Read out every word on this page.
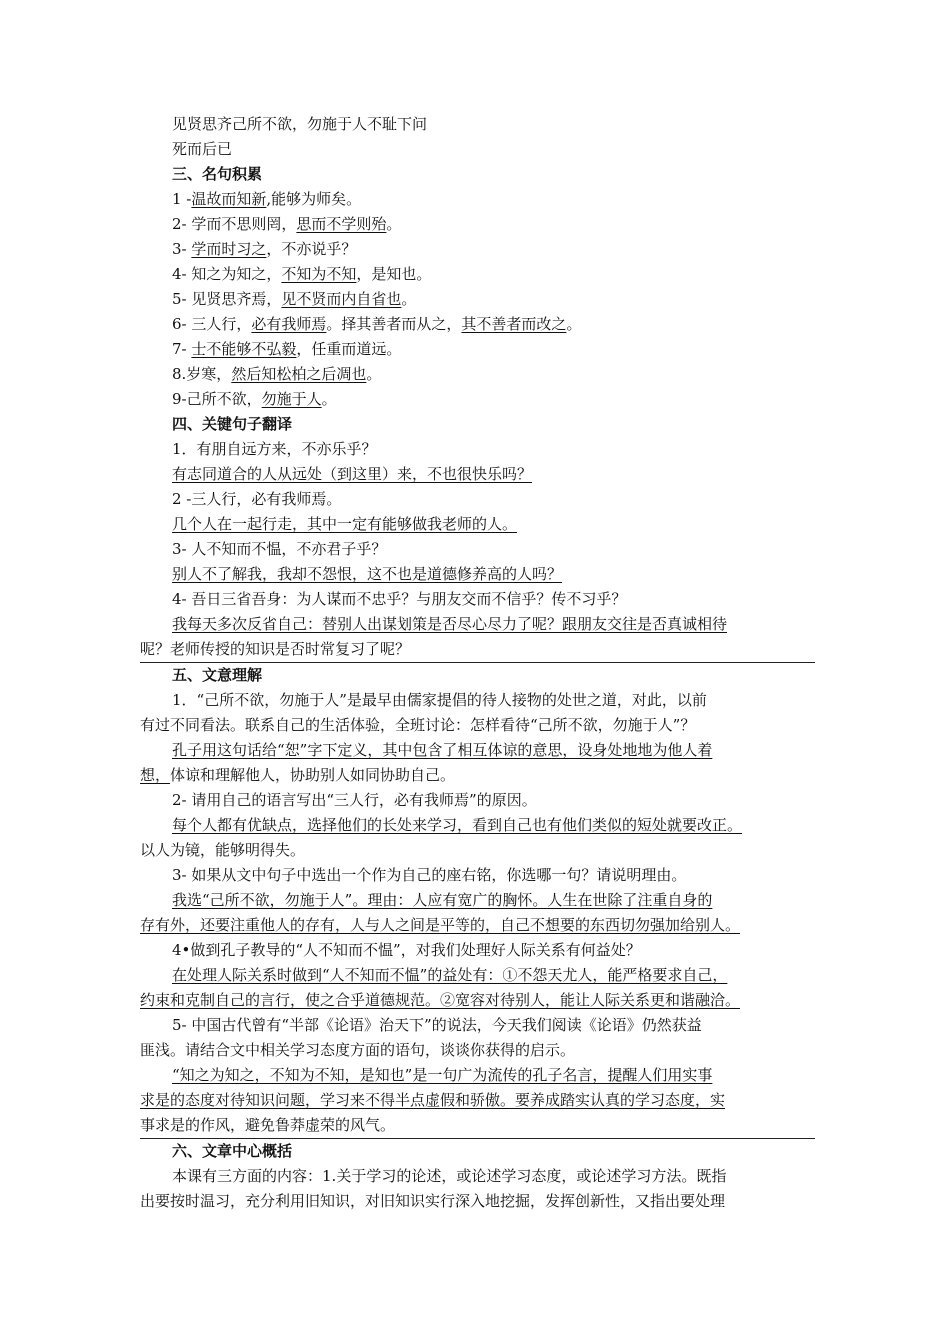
见贤思齐己所不欲，勿施于人不耻下问
死而后已
三、名句积累
1 -温故而知新,能够为师矣。
2- 学而不思则罔，思而不学则殆。
3- 学而时习之，不亦说乎？
4- 知之为知之，不知为不知，是知也。
5- 见贤思齐焉，见不贤而内自省也。
6- 三人行，必有我师焉。择其善者而从之，其不善者而改之。
7- 士不能够不弘毅，任重而道远。
8.岁寒，然后知松柏之后凋也。
9-己所不欲，勿施于人。
四、关键句子翻译
1．有朋自远方来，不亦乐乎？
有志同道合的人从远处（到这里）来，不也很快乐吗？
2 -三人行，必有我师焉。
几个人在一起行走，其中一定有能够做我老师的人。
3- 人不知而不愠，不亦君子乎？
别人不了解我，我却不怨恨，这不也是道德修养高的人吗？
4- 吾日三省吾身：为人谋而不忠乎？与朋友交而不信乎？传不习乎？
我每天多次反省自己：替别人出谋划策是否尽心尽力了呢？跟朋友交往是否真诚相待
呢？老师传授的知识是否时常复习了呢？
五、文意理解
1．“己所不欲，勿施于人”是最早由儒家提倡的待人接物的处世之道，对此，以前
有过不同看法。联系自己的生活体验，全班讨论：怎样看待“己所不欲，勿施于人”？
孔子用这句话给“恕”字下定义，其中包含了相互体谅的意思，设身处地地为他人着
想，体谅和理解他人，协助别人如同协助自己。
2- 请用自己的语言写出“三人行，必有我师焉”的原因。
每个人都有优缺点，选择他们的长处来学习，看到自己也有他们类似的短处就要改正。
以人为镜，能够明得失。
3- 如果从文中句子中选出一个作为自己的座右铭，你选哪一句？请说明理由。
我选“己所不欲，勿施于人”。理由：人应有宽广的胸怀。人生在世除了注重自身的
存有外，还要注重他人的存有，人与人之间是平等的，自己不想要的东西切勿强加给别人。
4•做到孔子教导的“人不知而不愠”，对我们处理好人际关系有何益处？
在处理人际关系时做到“人不知而不愠”的益处有：①不怨天尤人，能严格要求自己，
约束和克制自己的言行，使之合乎道德规范。②宽容对待别人，能让人际关系更和谐融洽。
5- 中国古代曾有“半部《论语》治天下”的说法，今天我们阅读《论语》仍然获益
匪浅。请结合文中相关学习态度方面的语句，谈谈你获得的启示。
“知之为知之，不知为不知，是知也”是一句广为流传的孔子名言，提醒人们用实事
求是的态度对待知识问题，学习来不得半点虚假和骄傲。要养成踏实认真的学习态度，实
事求是的作风，避免鲁莽虚荣的风气。
六、文章中心概括
本课有三方面的内容：1.关于学习的论述，或论述学习态度，或论述学习方法。既指
出要按时温习，充分利用旧知识，对旧知识实行深入地挖掘，发挥创新性，又指出要处理
